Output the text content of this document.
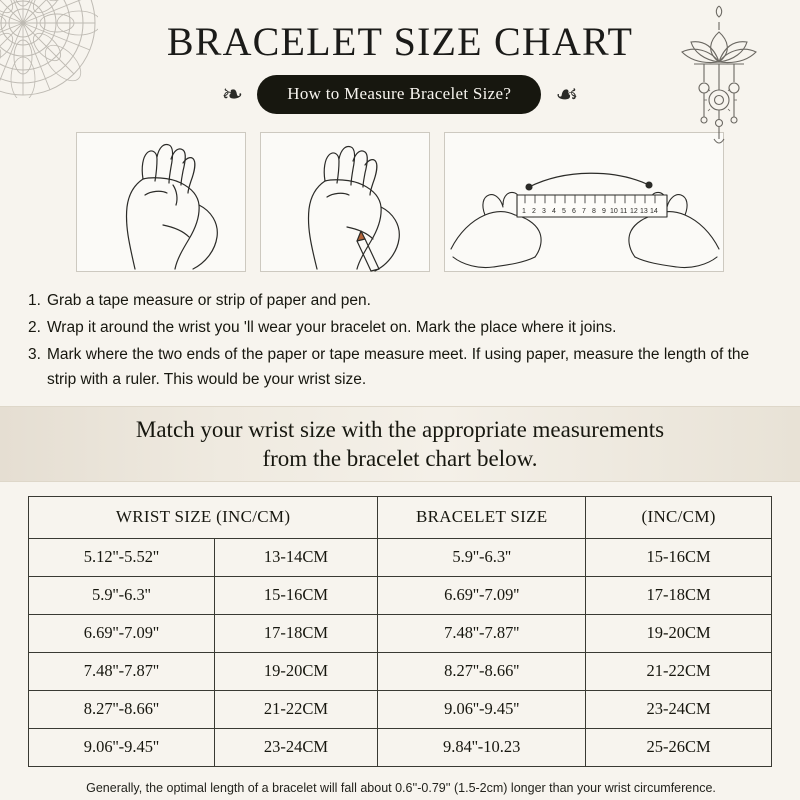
BRACELET SIZE CHART
❧	How to Measure Bracelet Size?	☙
1 2 3 4 5 6 7 8 9 10 11 12 13 14
1. Grab a tape measure or strip of paper and pen.
2. Wrap it around the wrist you 'll wear your bracelet on. Mark the place where it joins.
3. Mark where the two ends of the paper or tape measure meet. If using paper, measure the length of the strip with a ruler. This would be your wrist size.
Match your wrist size with the appropriate measurements
from the bracelet chart below.
WRIST SIZE (INC/CM)		BRACELET SIZE	(INC/CM)
5.12''-5.52''	13-14CM	5.9''-6.3''	15-16CM
5.9''-6.3''	15-16CM	6.69''-7.09''	17-18CM
6.69''-7.09''	17-18CM	7.48''-7.87''	19-20CM
7.48''-7.87''	19-20CM	8.27''-8.66''	21-22CM
8.27''-8.66''	21-22CM	9.06''-9.45''	23-24CM
9.06''-9.45''	23-24CM	9.84''-10.23	25-26CM
Generally, the optimal length of a bracelet will fall about 0.6''-0.79'' (1.5-2cm) longer than your wrist circumference.
